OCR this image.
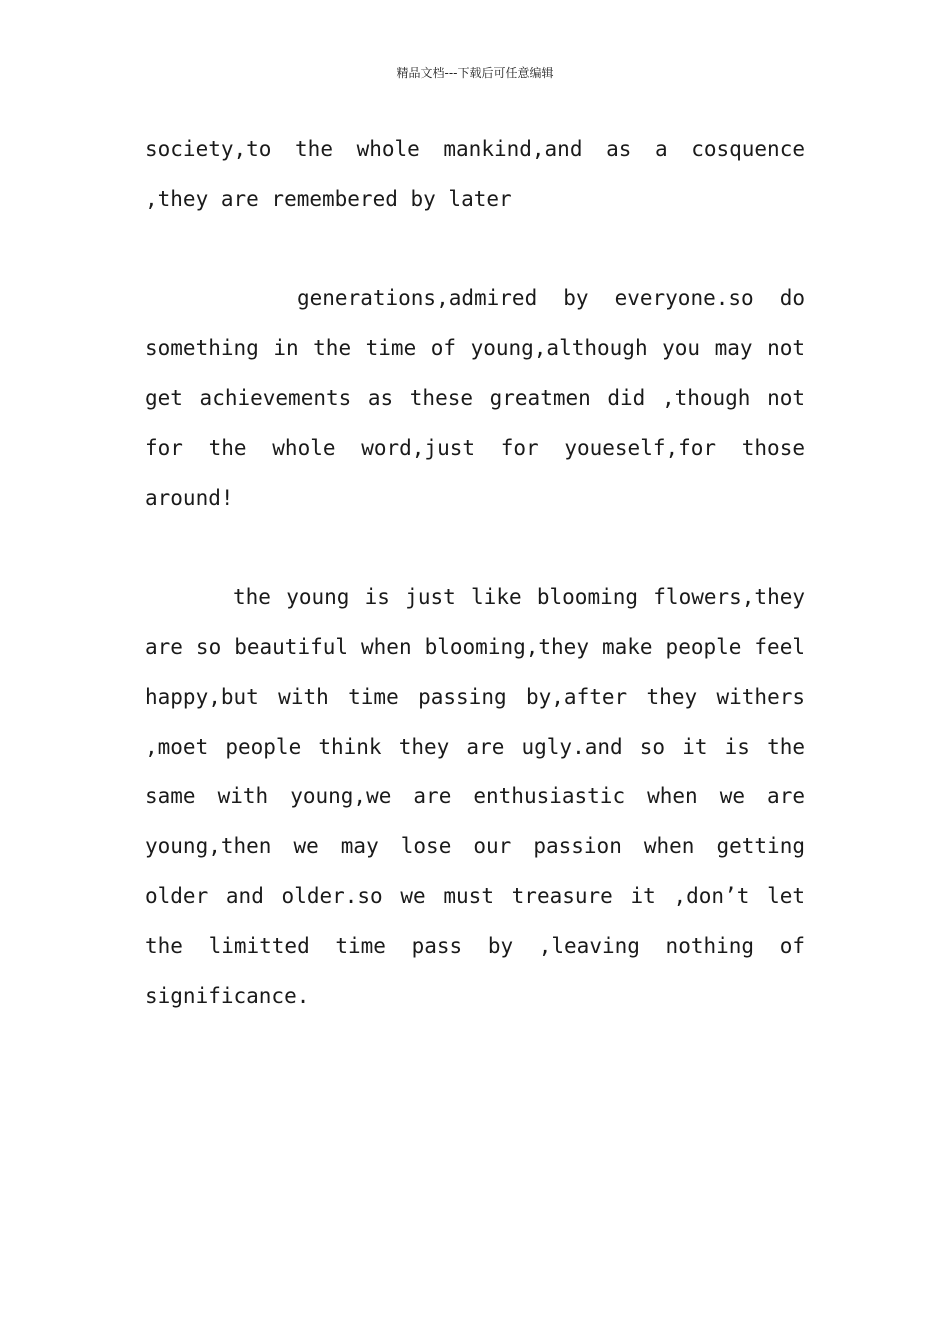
精品文档---下载后可任意编辑

society,to the whole mankind,and as a cosquence ,they are remembered by later

generations,admired by everyone.so do something in the time of young,although you may not get achievements as these greatmen did ,though not for the whole word,just for youeself,for those around!

the young is just like blooming flowers,they are so beautiful when blooming,they make people feel happy,but with time passing by,after they withers ,moet people think they are ugly.and so it is the same with young,we are enthusiastic when we are young,then we may lose our passion when getting older and older.so we must treasure it ,don’t let the limitted time pass by ,leaving nothing of significance.
